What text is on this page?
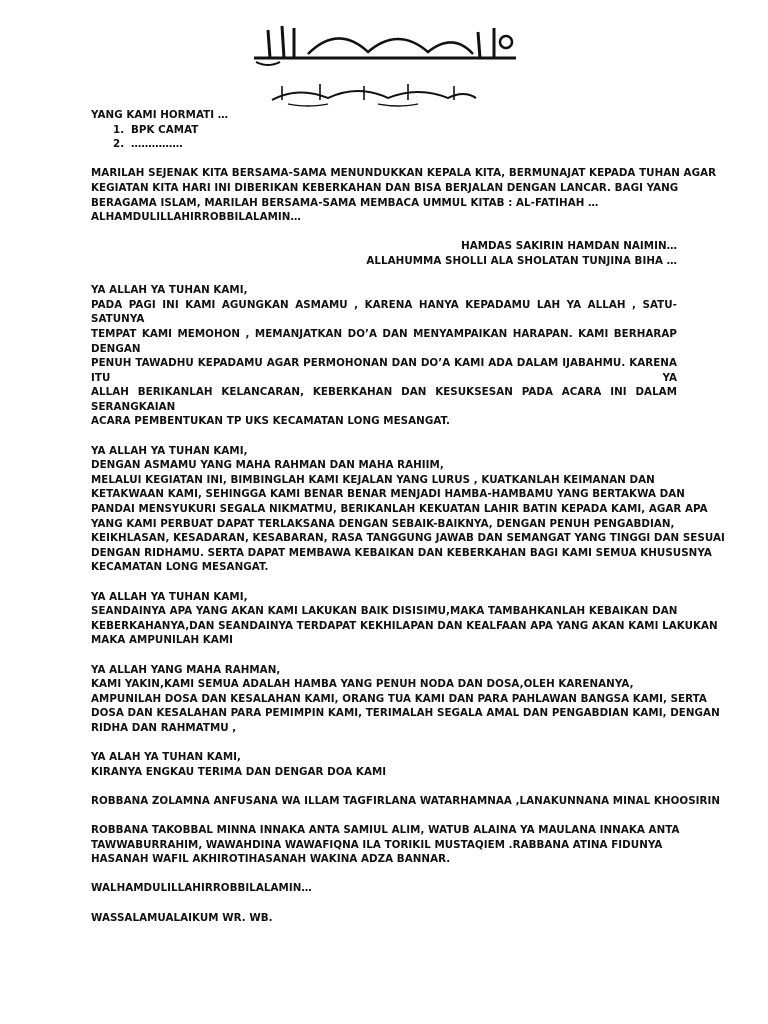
YANG KAMI HORMATI …
1. BPK CAMAT
2. ……………
MARILAH SEJENAK KITA BERSAMA-SAMA MENUNDUKKAN KEPALA KITA, BERMUNAJAT KEPADA TUHAN AGAR
KEGIATAN KITA HARI INI DIBERIKAN KEBERKAHAN DAN BISA BERJALAN DENGAN LANCAR. BAGI YANG
BERAGAMA ISLAM, MARILAH BERSAMA-SAMA MEMBACA UMMUL KITAB : AL-FATIHAH …
ALHAMDULILLAHIRROBBILALAMIN…
HAMDAS SAKIRIN HAMDAN NAIMIN…
ALLAHUMMA SHOLLI ALA SHOLATAN TUNJINA BIHA …
YA ALLAH YA TUHAN KAMI,
PADA PAGI INI KAMI AGUNGKAN ASMAMU , KARENA HANYA KEPADAMU LAH YA ALLAH , SATU-SATUNYA
TEMPAT KAMI MEMOHON , MEMANJATKAN DO’A DAN MENYAMPAIKAN HARAPAN. KAMI BERHARAP DENGAN
PENUH TAWADHU KEPADAMU AGAR PERMOHONAN DAN DO’A KAMI ADA DALAM IJABAHMU. KARENA ITU YA
ALLAH BERIKANLAH KELANCARAN, KEBERKAHAN DAN KESUKSESAN PADA ACARA INI DALAM SERANGKAIAN
ACARA PEMBENTUKAN TP UKS KECAMATAN LONG MESANGAT.
YA ALLAH YA TUHAN KAMI,
DENGAN ASMAMU YANG MAHA RAHMAN DAN MAHA RAHIIM,
MELALUI KEGIATAN INI, BIMBINGLAH KAMI KEJALAN YANG LURUS , KUATKANLAH KEIMANAN DAN
KETAKWAAN KAMI, SEHINGGA KAMI BENAR BENAR MENJADI HAMBA-HAMBAMU YANG BERTAKWA DAN
PANDAI MENSYUKURI SEGALA NIKMATMU, BERIKANLAH KEKUATAN LAHIR BATIN KEPADA KAMI, AGAR APA
YANG KAMI PERBUAT DAPAT TERLAKSANA DENGAN SEBAIK-BAIKNYA, DENGAN PENUH PENGABDIAN,
KEIKHLASAN, KESADARAN, KESABARAN, RASA TANGGUNG JAWAB DAN SEMANGAT YANG TINGGI DAN SESUAI
DENGAN RIDHAMU. SERTA DAPAT MEMBAWA KEBAIKAN DAN KEBERKAHAN BAGI KAMI SEMUA KHUSUSNYA
KECAMATAN LONG MESANGAT.
YA ALLAH YA TUHAN KAMI,
SEANDAINYA APA YANG AKAN KAMI LAKUKAN BAIK DISISIMU,MAKA TAMBAHKANLAH KEBAIKAN DAN
KEBERKAHANYA,DAN SEANDAINYA TERDAPAT KEKHILAPAN DAN KEALFAAN APA YANG AKAN KAMI LAKUKAN
MAKA AMPUNILAH KAMI
YA ALLAH YANG MAHA RAHMAN,
KAMI YAKIN,KAMI SEMUA ADALAH HAMBA YANG PENUH NODA DAN DOSA,OLEH KARENANYA,
AMPUNILAH DOSA DAN KESALAHAN KAMI, ORANG TUA KAMI DAN PARA PAHLAWAN BANGSA KAMI, SERTA
DOSA DAN KESALAHAN PARA PEMIMPIN KAMI, TERIMALAH SEGALA AMAL DAN PENGABDIAN KAMI, DENGAN
RIDHA DAN RAHMATMU ,
YA ALAH YA TUHAN KAMI,
KIRANYA ENGKAU TERIMA DAN DENGAR DOA KAMI
ROBBANA ZOLAMNA ANFUSANA WA ILLAM TAGFIRLANA WATARHAMNAA ,LANAKUNNANA MINAL KHOOSIRIN
ROBBANA TAKOBBAL MINNA INNAKA ANTA SAMIUL ALIM, WATUB ALAINA YA MAULANA INNAKA ANTA
TAWWABURRAHIM, WAWAHDINA WAWAFIQNA ILA TORIKIL MUSTAQIEM .RABBANA ATINA FIDUNYA
HASANAH WAFIL AKHIROTIHASANAH WAKINA ADZA BANNAR.
WALHAMDULILLAHIRROBBILALAMIN…
WASSALAMUALAIKUM WR. WB.
